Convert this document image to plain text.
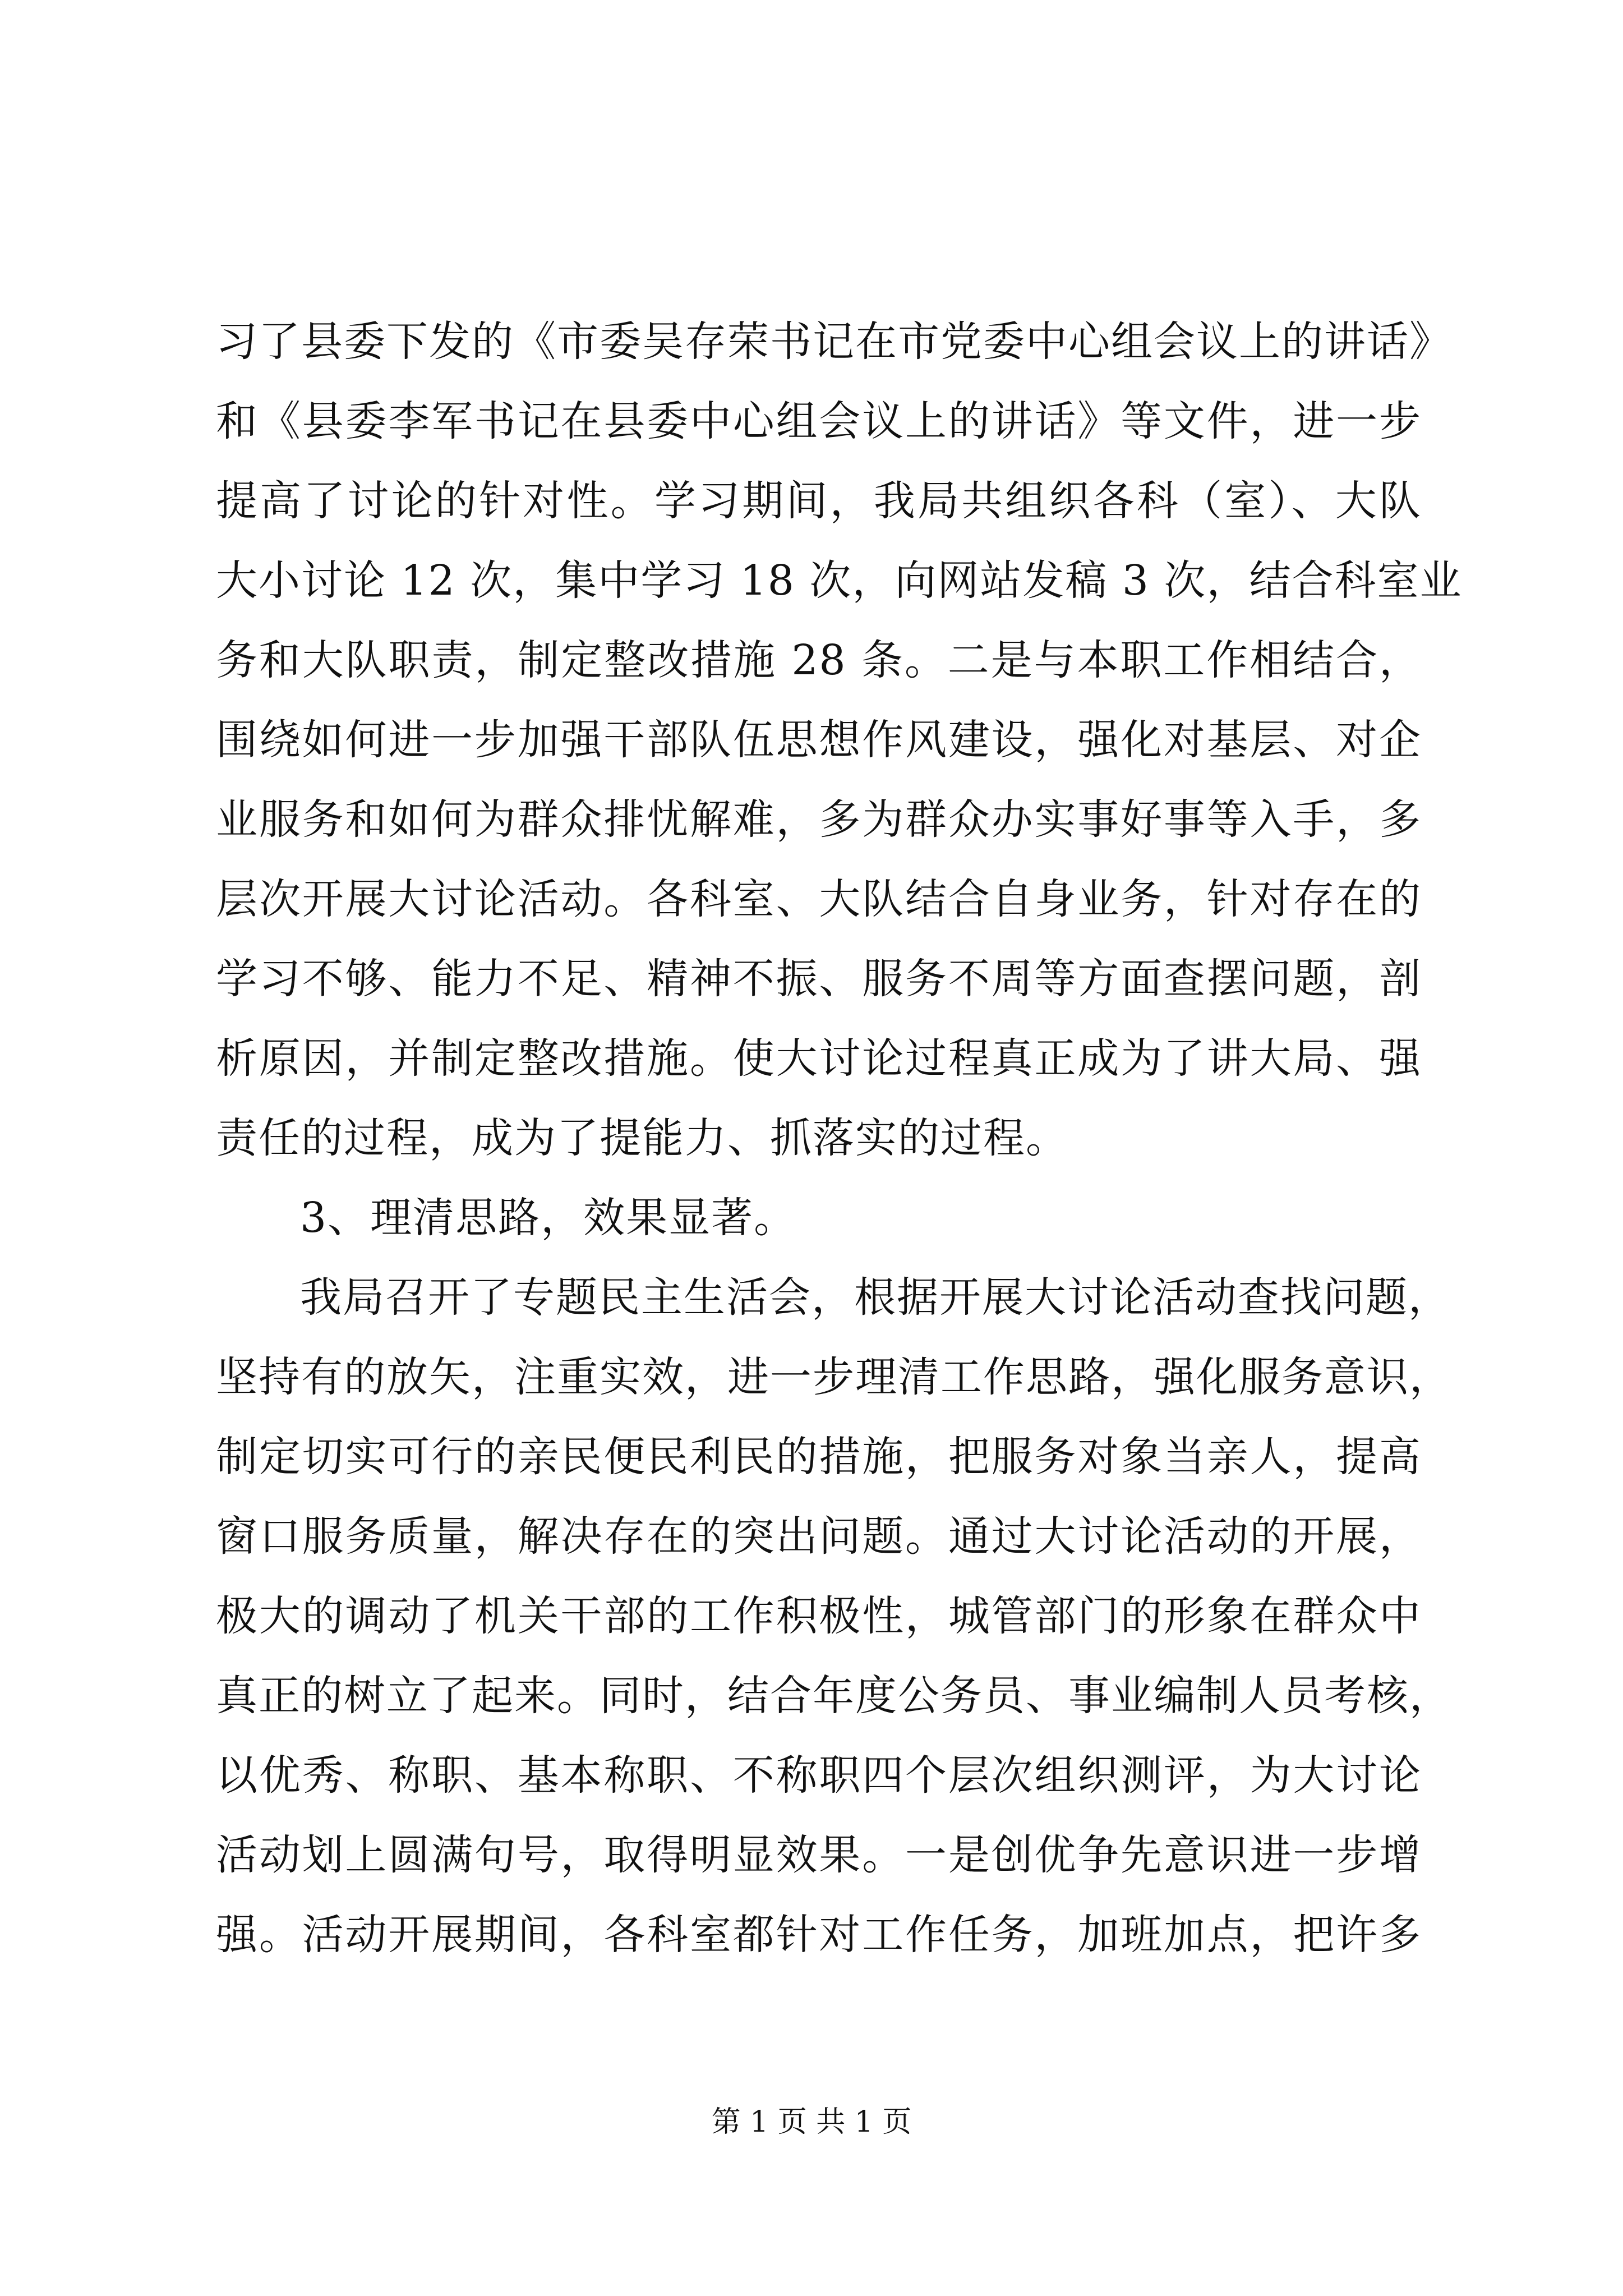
习了县委下发的《市委吴存荣书记在市党委中心组会议上的讲话》
和《县委李军书记在县委中心组会议上的讲话》等文件，进一步
提高了讨论的针对性。学习期间，我局共组织各科（室）、大队
大小讨论 12 次，集中学习 18 次，向网站发稿 3 次，结合科室业
务和大队职责，制定整改措施 28 条。二是与本职工作相结合，
围绕如何进一步加强干部队伍思想作风建设，强化对基层、对企
业服务和如何为群众排忧解难，多为群众办实事好事等入手，多
层次开展大讨论活动。各科室、大队结合自身业务，针对存在的
学习不够、能力不足、精神不振、服务不周等方面查摆问题，剖
析原因，并制定整改措施。使大讨论过程真正成为了讲大局、强
责任的过程，成为了提能力、抓落实的过程。
3、理清思路，效果显著。
我局召开了专题民主生活会，根据开展大讨论活动查找问题，
坚持有的放矢，注重实效，进一步理清工作思路，强化服务意识，
制定切实可行的亲民便民利民的措施，把服务对象当亲人，提高
窗口服务质量，解决存在的突出问题。通过大讨论活动的开展，
极大的调动了机关干部的工作积极性，城管部门的形象在群众中
真正的树立了起来。同时，结合年度公务员、事业编制人员考核，
以优秀、称职、基本称职、不称职四个层次组织测评，为大讨论
活动划上圆满句号，取得明显效果。一是创优争先意识进一步增
强。活动开展期间，各科室都针对工作任务，加班加点，把许多
第 1 页 共 1 页
